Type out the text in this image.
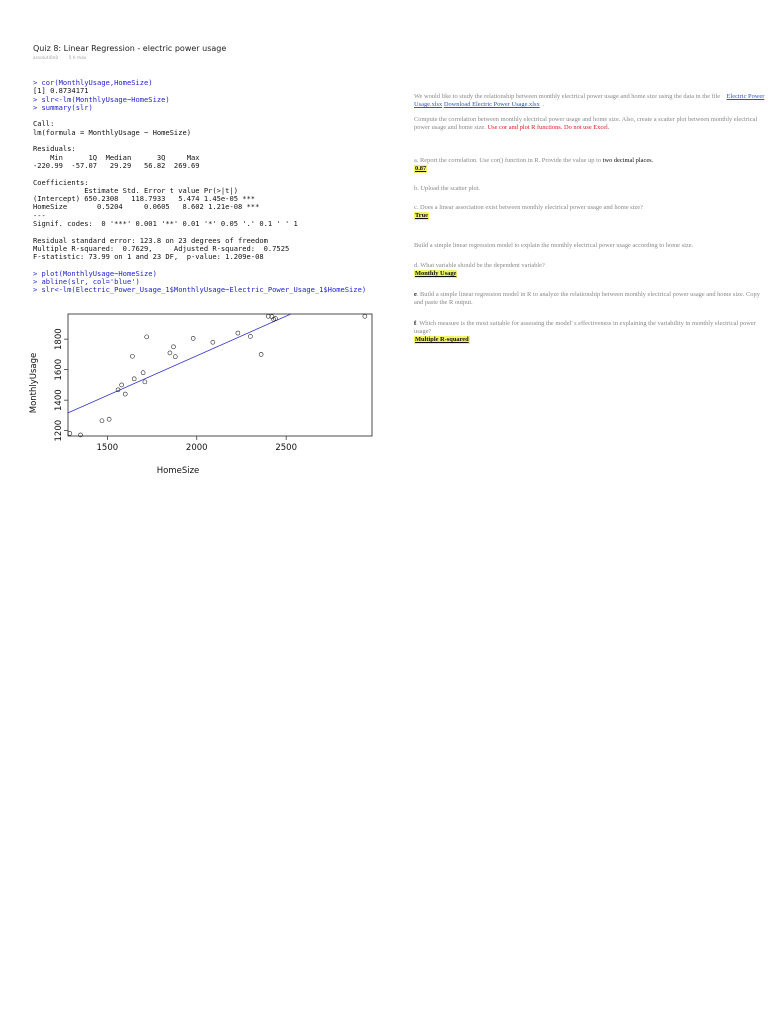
Quiz 8: Linear Regression - electric power usage
assoluti0n0	5 h max
> cor(MonthlyUsage,HomeSize)
[1] 0.8734171
> slr<-lm(MonthlyUsage~HomeSize)
> summary(slr)
Call:
lm(formula = MonthlyUsage ~ HomeSize)
Residuals:
Min      1Q  Median      3Q     Max
-220.99  -57.07   29.29   56.82  269.69
Coefficients:
Estimate Std. Error t value Pr(>|t|)
(Intercept) 650.2308   118.7933   5.474 1.45e-05 ***
HomeSize       0.5204     0.0605   8.602 1.21e-08 ***
---
Signif. codes:  0 '***' 0.001 '**' 0.01 '*' 0.05 '.' 0.1 ' ' 1
Residual standard error: 123.8 on 23 degrees of freedom
Multiple R-squared:  0.7629,     Adjusted R-squared:  0.7525
F-statistic: 73.99 on 1 and 23 DF,  p-value: 1.209e-08
> plot(MonthlyUsage~HomeSize)
> abline(slr, col='blue')
> slr<-lm(Electric_Power_Usage_1$MonthlyUsage~Electric_Power_Usage_1$HomeSize)
1500	2000	2500
1200
1400
1600
1800
HomeSize
MonthlyUsage
We would like to study the relationship between monthly electrical power usage and home size using the data in the file Electric Power Usage.xlsx Download Electric Power Usage.xlsx .
Compute the correlation between monthly electrical power usage and home size. Also, create a scatter plot between monthly electrical power usage and home size. Use cor and plot R functions. Do not use Excel.
a. Report the correlation. Use cor() function in R. Provide the value up to two decimal places.
0.87
b. Upload the scatter plot.
c. Does a linear association exist between monthly electrical power usage and home size?
True
Build a simple linear regression model to explain the monthly electrical power usage according to home size.
d. What variable should be the dependent variable?
Monthly Usage
e. Build a simple linear regression model in R to analyze the relationship between monthly electrical power usage and home size. Copy and paste the R output.
f. Which measure is the most suitable for assessing the model' s effectiveness in explaining the variability in monthly electrical power usage?
Multiple R-squared
